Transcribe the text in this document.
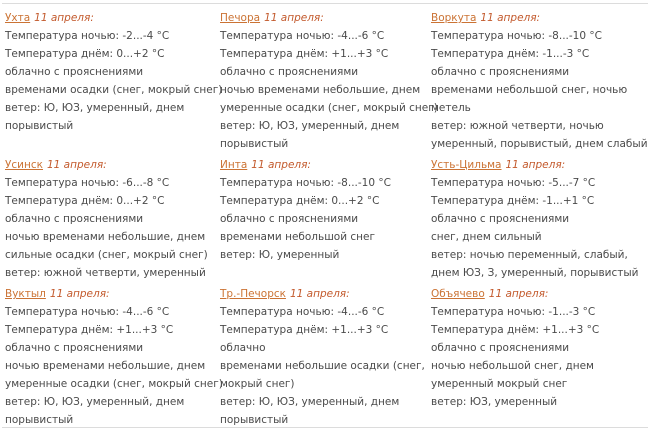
Ухта 11 апреля:
Температура ночью: -2...-4 °C
Температура днём: 0...+2 °C
облачно с прояснениями
временами осадки (снег, мокрый снег)
ветер: Ю, ЮЗ, умеренный, днем
порывистый
Печора 11 апреля:
Температура ночью: -4...-6 °C
Температура днём: +1...+3 °C
облачно с прояснениями
ночью временами небольшие, днем
умеренные осадки (снег, мокрый снег)
ветер: Ю, ЮЗ, умеренный, днем
порывистый
Воркута 11 апреля:
Температура ночью: -8...-10 °C
Температура днём: -1...-3 °C
облачно с прояснениями
временами небольшой снег, ночью
метель
ветер: южной четверти, ночью
умеренный, порывистый, днем слабый
Усинск 11 апреля:
Температура ночью: -6...-8 °C
Температура днём: 0...+2 °C
облачно с прояснениями
ночью временами небольшие, днем
сильные осадки (снег, мокрый снег)
ветер: южной четверти, умеренный
Инта 11 апреля:
Температура ночью: -8...-10 °C
Температура днём: 0...+2 °C
облачно с прояснениями
временами небольшой снег
ветер: Ю, умеренный
Усть-Цильма 11 апреля:
Температура ночью: -5...-7 °C
Температура днём: -1...+1 °C
облачно с прояснениями
снег, днем сильный
ветер: ночью переменный, слабый,
днем ЮЗ, З, умеренный, порывистый
Вуктыл 11 апреля:
Температура ночью: -4...-6 °C
Температура днём: +1...+3 °C
облачно с прояснениями
ночью временами небольшие, днем
умеренные осадки (снег, мокрый снег)
ветер: Ю, ЮЗ, умеренный, днем
порывистый
Тр.-Печорск 11 апреля:
Температура ночью: -4...-6 °C
Температура днём: +1...+3 °C
облачно
временами небольшие осадки (снег,
мокрый снег)
ветер: Ю, ЮЗ, умеренный, днем
порывистый
Объячево 11 апреля:
Температура ночью: -1...-3 °C
Температура днём: +1...+3 °C
облачно с прояснениями
ночью небольшой снег, днем
умеренный мокрый снег
ветер: ЮЗ, умеренный
